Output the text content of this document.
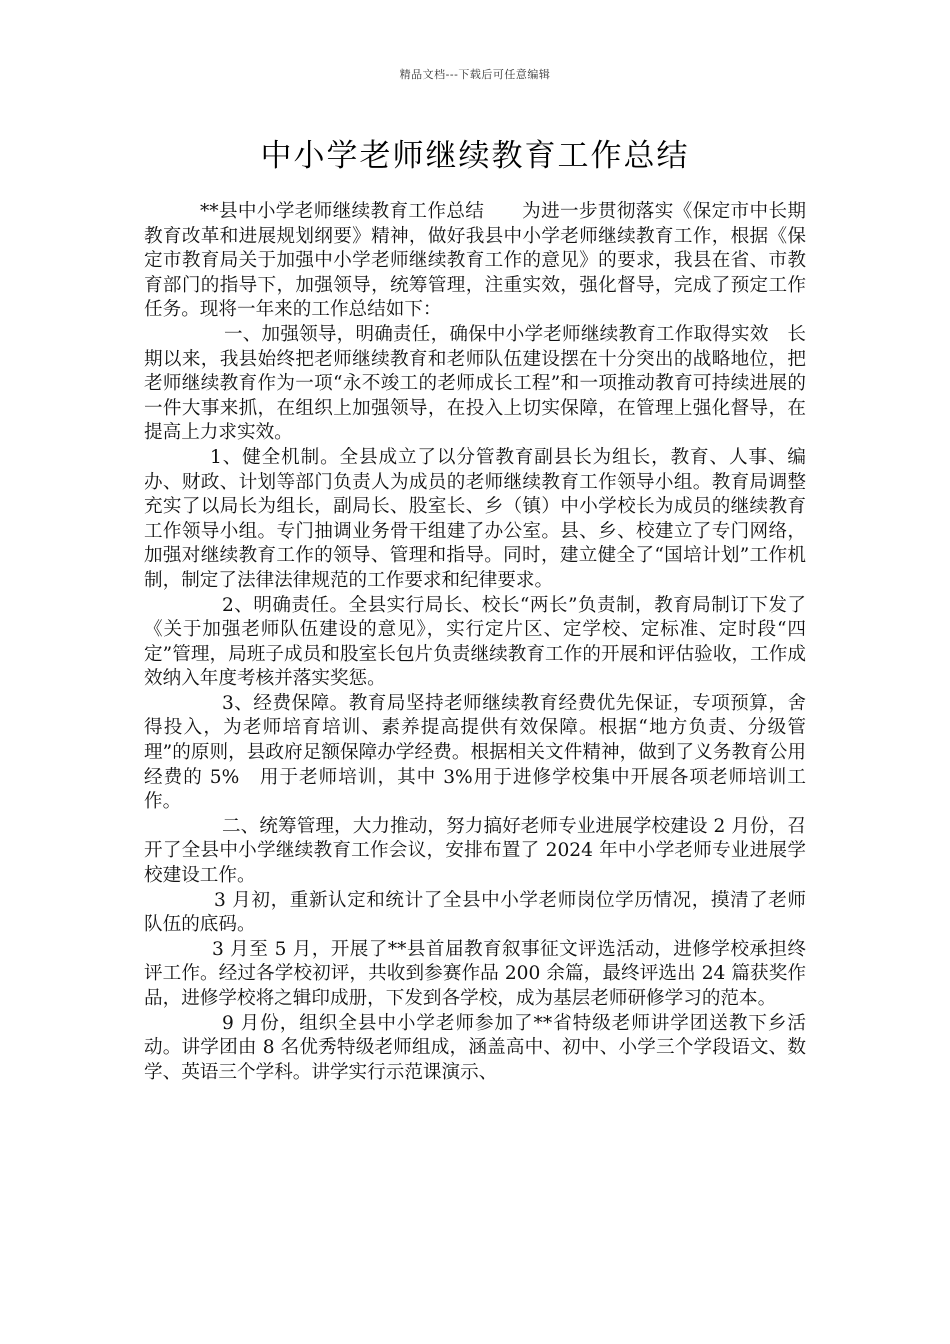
精品文档---下载后可任意编辑
中小学老师继续教育工作总结

**县中小学老师继续教育工作总结　　为进一步贯彻落实《保定市中长期教育改革和进展规划纲要》精神，做好我县中小学老师继续教育工作，根据《保定市教育局关于加强中小学老师继续教育工作的意见》的要求，我县在省、市教育部门的指导下，加强领导，统筹管理，注重实效，强化督导，完成了预定工作任务。现将一年来的工作总结如下：

一、加强领导，明确责任，确保中小学老师继续教育工作取得实效　长期以来，我县始终把老师继续教育和老师队伍建设摆在十分突出的战略地位，把老师继续教育作为一项“永不竣工的老师成长工程”和一项推动教育可持续进展的一件大事来抓，在组织上加强领导，在投入上切实保障，在管理上强化督导，在提高上力求实效。

1、健全机制。全县成立了以分管教育副县长为组长，教育、人事、编办、财政、计划等部门负责人为成员的老师继续教育工作领导小组。教育局调整充实了以局长为组长，副局长、股室长、乡（镇）中小学校长为成员的继续教育工作领导小组。专门抽调业务骨干组建了办公室。县、乡、校建立了专门网络，加强对继续教育工作的领导、管理和指导。同时，建立健全了“国培计划”工作机制，制定了法律法律规范的工作要求和纪律要求。

2、明确责任。全县实行局长、校长“两长”负责制，教育局制订下发了《关于加强老师队伍建设的意见》，实行定片区、定学校、定标准、定时段“四定”管理，局班子成员和股室长包片负责继续教育工作的开展和评估验收，工作成效纳入年度考核并落实奖惩。

3、经费保障。教育局坚持老师继续教育经费优先保证，专项预算，舍得投入，为老师培育培训、素养提高提供有效保障。根据“地方负责、分级管理”的原则，县政府足额保障办学经费。根据相关文件精神，做到了义务教育公用经费的 5%　用于老师培训，其中 3%用于进修学校集中开展各项老师培训工作。

二、统筹管理，大力推动，努力搞好老师专业进展学校建设 2 月份，召开了全县中小学继续教育工作会议，安排布置了 2024 年中小学老师专业进展学校建设工作。

3 月初，重新认定和统计了全县中小学老师岗位学历情况，摸清了老师队伍的底码。

3 月至 5 月，开展了**县首届教育叙事征文评选活动，进修学校承担终评工作。经过各学校初评，共收到参赛作品 200 余篇，最终评选出 24 篇获奖作品，进修学校将之辑印成册，下发到各学校，成为基层老师研修学习的范本。

9 月份，组织全县中小学老师参加了**省特级老师讲学团送教下乡活动。讲学团由 8 名优秀特级老师组成，涵盖高中、初中、小学三个学段语文、数学、英语三个学科。讲学实行示范课演示、
